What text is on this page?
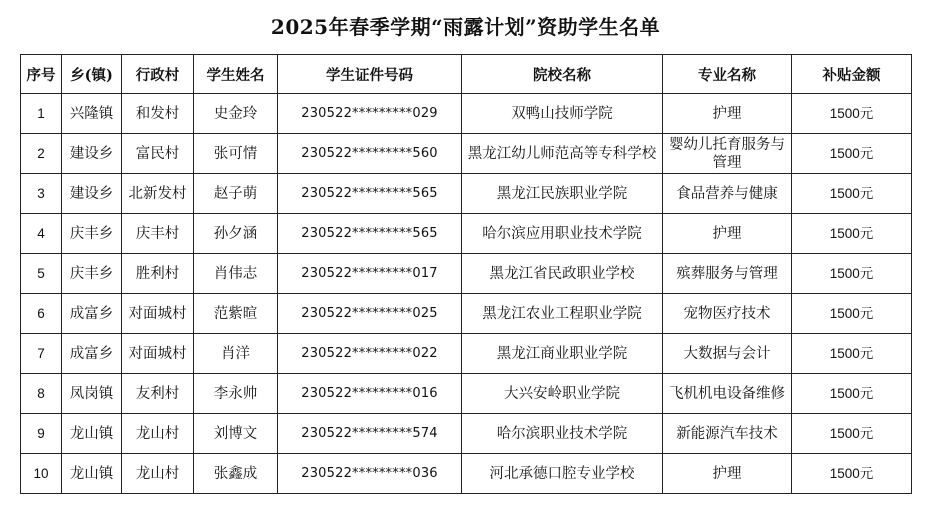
2025年春季学期“雨露计划”资助学生名单
序号	乡(镇)	行政村	学生姓名	学生证件号码	院校名称	专业名称	补贴金额
1	兴隆镇	和发村	史金玲	230522*********029	双鸭山技师学院	护理	1500元
2	建设乡	富民村	张可情	230522*********560	黑龙江幼儿师范高等专科学校	婴幼儿托育服务与管理	1500元
3	建设乡	北新发村	赵子萌	230522*********565	黑龙江民族职业学院	食品营养与健康	1500元
4	庆丰乡	庆丰村	孙夕涵	230522*********565	哈尔滨应用职业技术学院	护理	1500元
5	庆丰乡	胜利村	肖伟志	230522*********017	黑龙江省民政职业学校	殡葬服务与管理	1500元
6	成富乡	对面城村	范紫暄	230522*********025	黑龙江农业工程职业学院	宠物医疗技术	1500元
7	成富乡	对面城村	肖洋	230522*********022	黑龙江商业职业学院	大数据与会计	1500元
8	凤岗镇	友利村	李永帅	230522*********016	大兴安岭职业学院	飞机机电设备维修	1500元
9	龙山镇	龙山村	刘博文	230522*********574	哈尔滨职业技术学院	新能源汽车技术	1500元
10	龙山镇	龙山村	张鑫成	230522*********036	河北承德口腔专业学校	护理	1500元
